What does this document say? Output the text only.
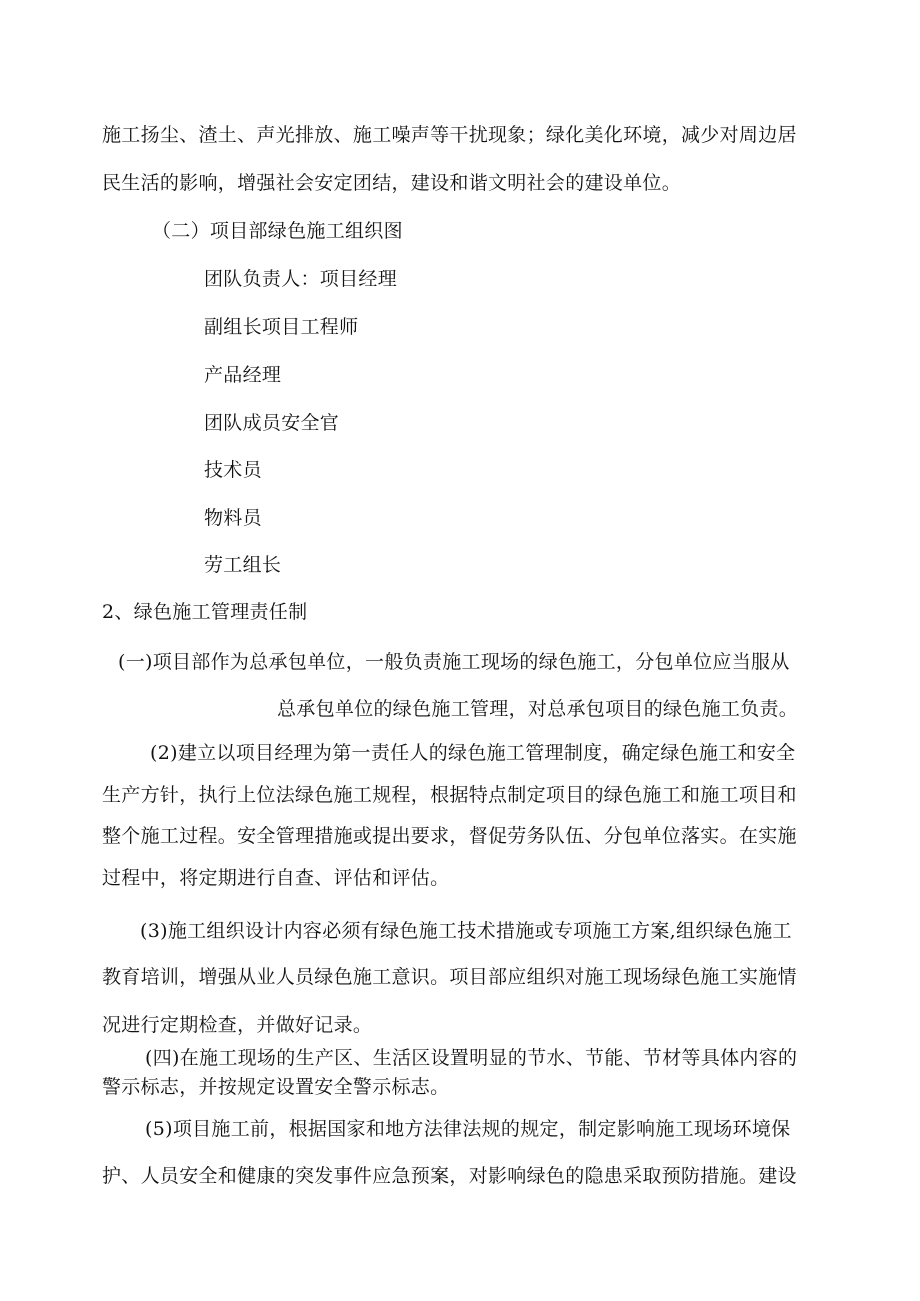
施工扬尘、渣土、声光排放、施工噪声等干扰现象；绿化美化环境，减少对周边居
民生活的影响，增强社会安定团结，建设和谐文明社会的建设单位。
（二）项目部绿色施工组织图
团队负责人：项目经理
副组长项目工程师
产品经理
团队成员安全官
技术员
物料员
劳工组长
2、绿色施工管理责任制
(一)项目部作为总承包单位，一般负责施工现场的绿色施工，分包单位应当服从
总承包单位的绿色施工管理，对总承包项目的绿色施工负责。
(2)建立以项目经理为第一责任人的绿色施工管理制度，确定绿色施工和安全
生产方针，执行上位法绿色施工规程，根据特点制定项目的绿色施工和施工项目和
整个施工过程。安全管理措施或提出要求，督促劳务队伍、分包单位落实。在实施
过程中，将定期进行自查、评估和评估。
(3)施工组织设计内容必须有绿色施工技术措施或专项施工方案,组织绿色施工
教育培训，增强从业人员绿色施工意识。项目部应组织对施工现场绿色施工实施情
况进行定期检查，并做好记录。
(四)在施工现场的生产区、生活区设置明显的节水、节能、节材等具体内容的
警示标志，并按规定设置安全警示标志。
(5)项目施工前，根据国家和地方法律法规的规定，制定影响施工现场环境保
护、人员安全和健康的突发事件应急预案，对影响绿色的隐患采取预防措施。建设
